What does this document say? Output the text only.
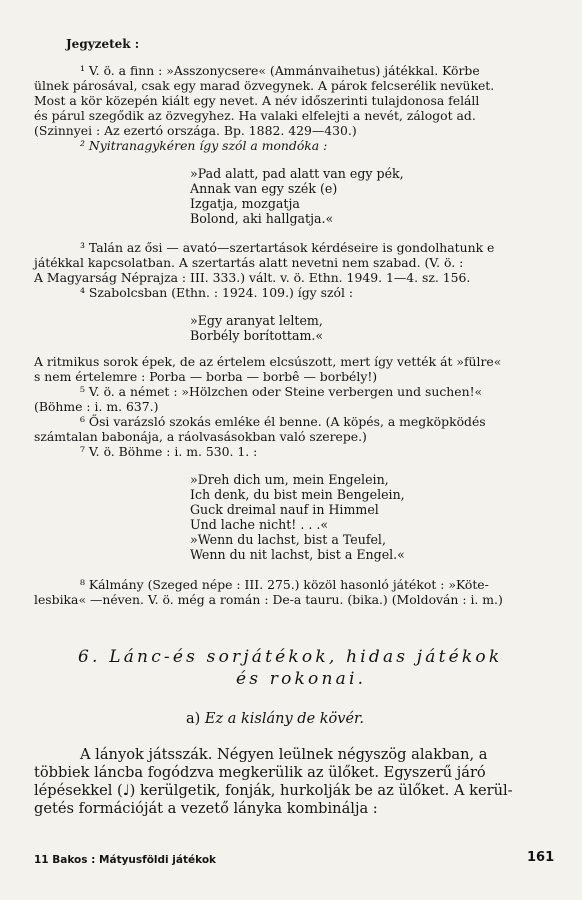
Jegyzetek :
¹ V. ö. a finn : »Asszonycsere« (Ammánvaihetus) játékkal. Körbe
ülnek párosával, csak egy marad özvegynek. A párok felcserélik nevüket.
Most a kör közepén kiált egy nevet. A név időszerinti tulajdonosa feláll
és párul szegődik az özvegyhez. Ha valaki elfelejti a nevét, zálogot ad.
(Szinnyei : Az ezertó országa. Bp. 1882. 429—430.)
² Nyitranagykéren így szól a mondóka :
»Pad alatt, pad alatt van egy pék,
Annak van egy szék (e)
Izgatja, mozgatja
Bolond, aki hallgatja.«
³ Talán az ősi — avató—szertartások kérdéseire is gondolhatunk e
játékkal kapcsolatban. A szertartás alatt nevetni nem szabad. (V. ö. :
A Magyarság Néprajza : III. 333.) vált. v. ö. Ethn. 1949. 1—4. sz. 156.
⁴ Szabolcsban (Ethn. : 1924. 109.) így szól :
»Egy aranyat leltem,
Borbély borítottam.«
A ritmikus sorok épek, de az értelem elcsúszott, mert így vették át »fülre«
s nem értelemre : Porba — borba — borbê — borbély!)
⁵ V. ö. a német : »Hölzchen oder Steine verbergen und suchen!«
(Böhme : i. m. 637.)
⁶ Ősi varázsló szokás emléke él benne. (A köpés, a megköpködés
számtalan babonája, a ráolvasásokban való szerepe.)
⁷ V. ö. Böhme : i. m. 530. 1. :
»Dreh dich um, mein Engelein,
Ich denk, du bist mein Bengelein,
Guck dreimal nauf in Himmel
Und lache nicht! . . .«
»Wenn du lachst, bist a Teufel,
Wenn du nit lachst, bist a Engel.«
⁸ Kálmány (Szeged népe : III. 275.) közöl hasonló játékot : »Köte-
lesbika« —néven. V. ö. még a román : De-a tauru. (bika.) (Moldován : i. m.)
6. Lánc-és sorjátékok, hidas játékok
és rokonai.
a) Ez a kislány de kövér.
A lányok játsszák. Négyen leülnek négyszög alakban, a
többiek láncba fogódzva megkerülik az ülőket. Egyszerű járó
lépésekkel (♩) kerülgetik, fonják, hurkolják be az ülőket. A kerül-
getés formációját a vezető lányka kombinálja :
11 Bakos : Mátyusföldi játékok	161
